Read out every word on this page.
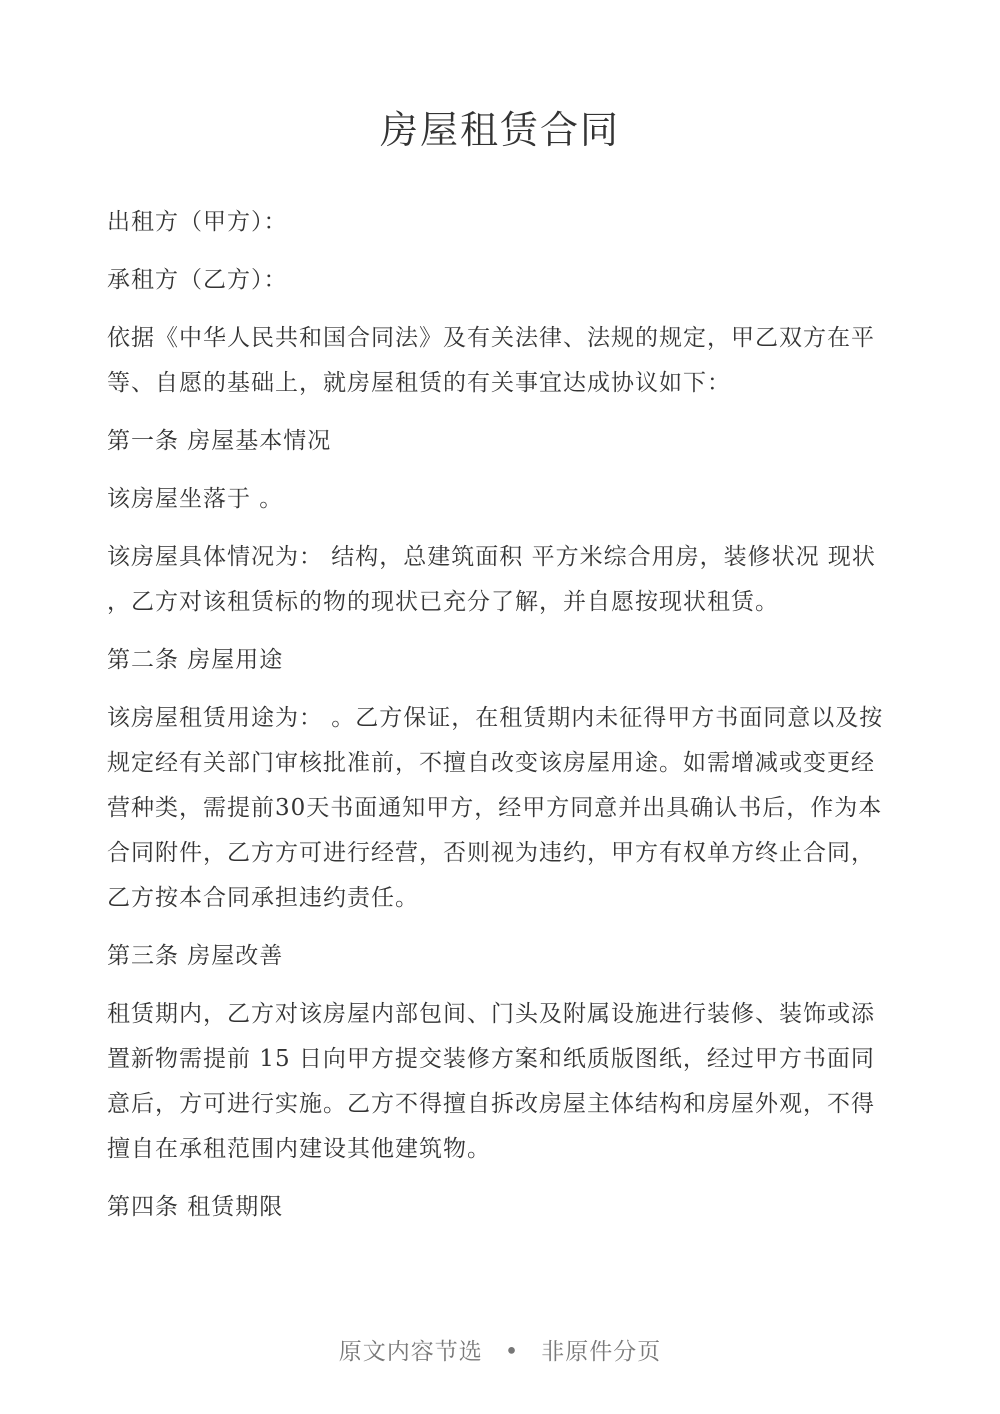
房屋租赁合同

出租方（甲方）：

承租方（乙方）：

依据《中华人民共和国合同法》及有关法律、法规的规定，甲乙双方在平等、自愿的基础上，就房屋租赁的有关事宜达成协议如下：

第一条 房屋基本情况

该房屋坐落于 。

该房屋具体情况为： 结构，总建筑面积 平方米综合用房，装修状况 现状 ，乙方对该租赁标的物的现状已充分了解，并自愿按现状租赁。

第二条 房屋用途

该房屋租赁用途为： 。乙方保证，在租赁期内未征得甲方书面同意以及按规定经有关部门审核批准前，不擅自改变该房屋用途。如需增减或变更经营种类，需提前30天书面通知甲方，经甲方同意并出具确认书后，作为本合同附件，乙方方可进行经营，否则视为违约，甲方有权单方终止合同，乙方按本合同承担违约责任。

第三条 房屋改善

租赁期内，乙方对该房屋内部包间、门头及附属设施进行装修、装饰或添置新物需提前 15 日向甲方提交装修方案和纸质版图纸，经过甲方书面同意后，方可进行实施。乙方不得擅自拆改房屋主体结构和房屋外观，不得擅自在承租范围内建设其他建筑物。

第四条 租赁期限

原文内容节选 • 非原件分页
